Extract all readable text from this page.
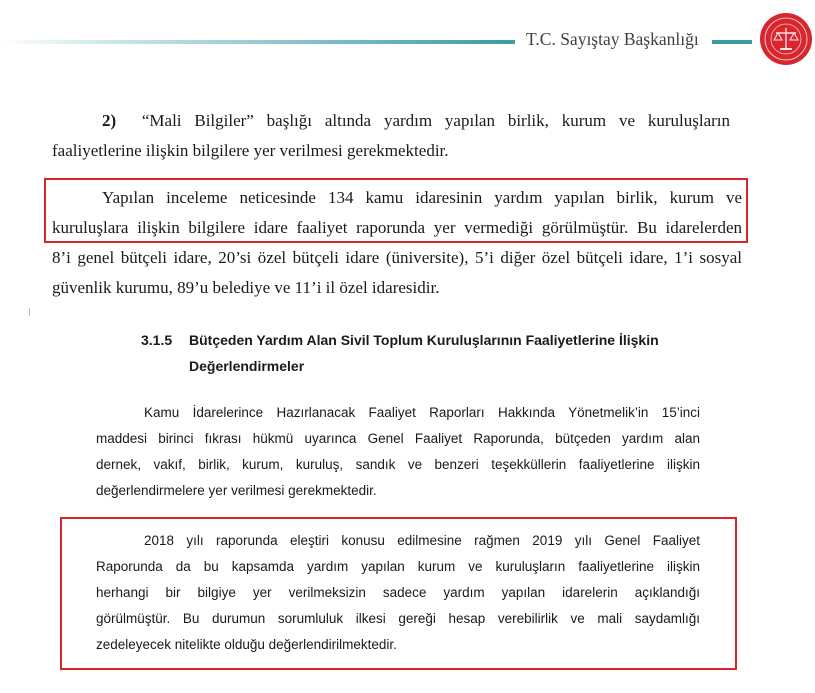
T.C. Sayıştay Başkanlığı
2) “Mali Bilgiler” başlığı altında yardım yapılan birlik, kurum ve kuruluşların
faaliyetlerine ilişkin bilgilere yer verilmesi gerekmektedir.
Yapılan inceleme neticesinde 134 kamu idaresinin yardım yapılan birlik, kurum ve
kuruluşlara ilişkin bilgilere idare faaliyet raporunda yer vermediği görülmüştür. Bu idarelerden
8’i genel bütçeli idare, 20’si özel bütçeli idare (üniversite), 5’i diğer özel bütçeli idare, 1’i sosyal
güvenlik kurumu, 89’u belediye ve 11’i il özel idaresidir.
3.1.5 Bütçeden Yardım Alan Sivil Toplum Kuruluşlarının Faaliyetlerine İlişkin
Değerlendirmeler
Kamu İdarelerince Hazırlanacak Faaliyet Raporları Hakkında Yönetmelik’in 15’inci
maddesi birinci fıkrası hükmü uyarınca Genel Faaliyet Raporunda, bütçeden yardım alan
dernek, vakıf, birlik, kurum, kuruluş, sandık ve benzeri teşekküllerin faaliyetlerine ilişkin
değerlendirmelere yer verilmesi gerekmektedir.
2018 yılı raporunda eleştiri konusu edilmesine rağmen 2019 yılı Genel Faaliyet
Raporunda da bu kapsamda yardım yapılan kurum ve kuruluşların faaliyetlerine ilişkin
herhangi bir bilgiye yer verilmeksizin sadece yardım yapılan idarelerin açıklandığı
görülmüştür. Bu durumun sorumluluk ilkesi gereği hesap verebilirlik ve mali saydamlığı
zedeleyecek nitelikte olduğu değerlendirilmektedir.
